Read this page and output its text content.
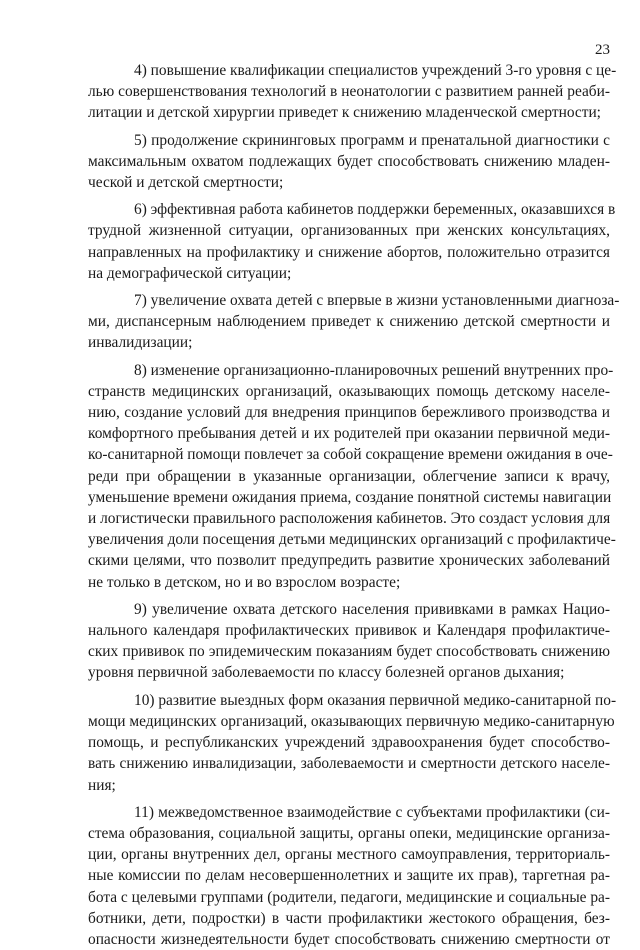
23
4) повышение квалификации специалистов учреждений 3-го уровня с це-
лью совершенствования технологий в неонатологии с развитием ранней реаби-
литации и детской хирургии приведет к снижению младенческой смертности;
5) продолжение скрининговых программ и пренатальной диагностики с
максимальным охватом подлежащих будет способствовать снижению младен-
ческой и детской смертности;
6) эффективная работа кабинетов поддержки беременных, оказавшихся в
трудной жизненной ситуации, организованных при женских консультациях,
направленных на профилактику и снижение абортов, положительно отразится
на демографической ситуации;
7) увеличение охвата детей с впервые в жизни установленными диагноза-
ми, диспансерным наблюдением приведет к снижению детской смертности и
инвалидизации;
8) изменение организационно-планировочных решений внутренних про-
странств медицинских организаций, оказывающих помощь детскому населе-
нию, создание условий для внедрения принципов бережливого производства и
комфортного пребывания детей и их родителей при оказании первичной меди-
ко-санитарной помощи повлечет за собой сокращение времени ожидания в оче-
реди при обращении в указанные организации, облегчение записи к врачу,
уменьшение времени ожидания приема, создание понятной системы навигации
и логистически правильного расположения кабинетов. Это создаст условия для
увеличения доли посещения детьми медицинских организаций с профилактиче-
скими целями, что позволит предупредить развитие хронических заболеваний
не только в детском, но и во взрослом возрасте;
9) увеличение охвата детского населения прививками в рамках Нацио-
нального календаря профилактических прививок и Календаря профилактиче-
ских прививок по эпидемическим показаниям будет способствовать снижению
уровня первичной заболеваемости по классу болезней органов дыхания;
10) развитие выездных форм оказания первичной медико-санитарной по-
мощи медицинских организаций, оказывающих первичную медико-санитарную
помощь, и республиканских учреждений здравоохранения будет способство-
вать снижению инвалидизации, заболеваемости и смертности детского населе-
ния;
11) межведомственное взаимодействие с субъектами профилактики (си-
стема образования, социальной защиты, органы опеки, медицинские организа-
ции, органы внутренних дел, органы местного самоуправления, территориаль-
ные комиссии по делам несовершеннолетних и защите их прав), таргетная ра-
бота с целевыми группами (родители, педагоги, медицинские и социальные ра-
ботники, дети, подростки) в части профилактики жестокого обращения, без-
опасности жизнедеятельности будет способствовать снижению смертности от
